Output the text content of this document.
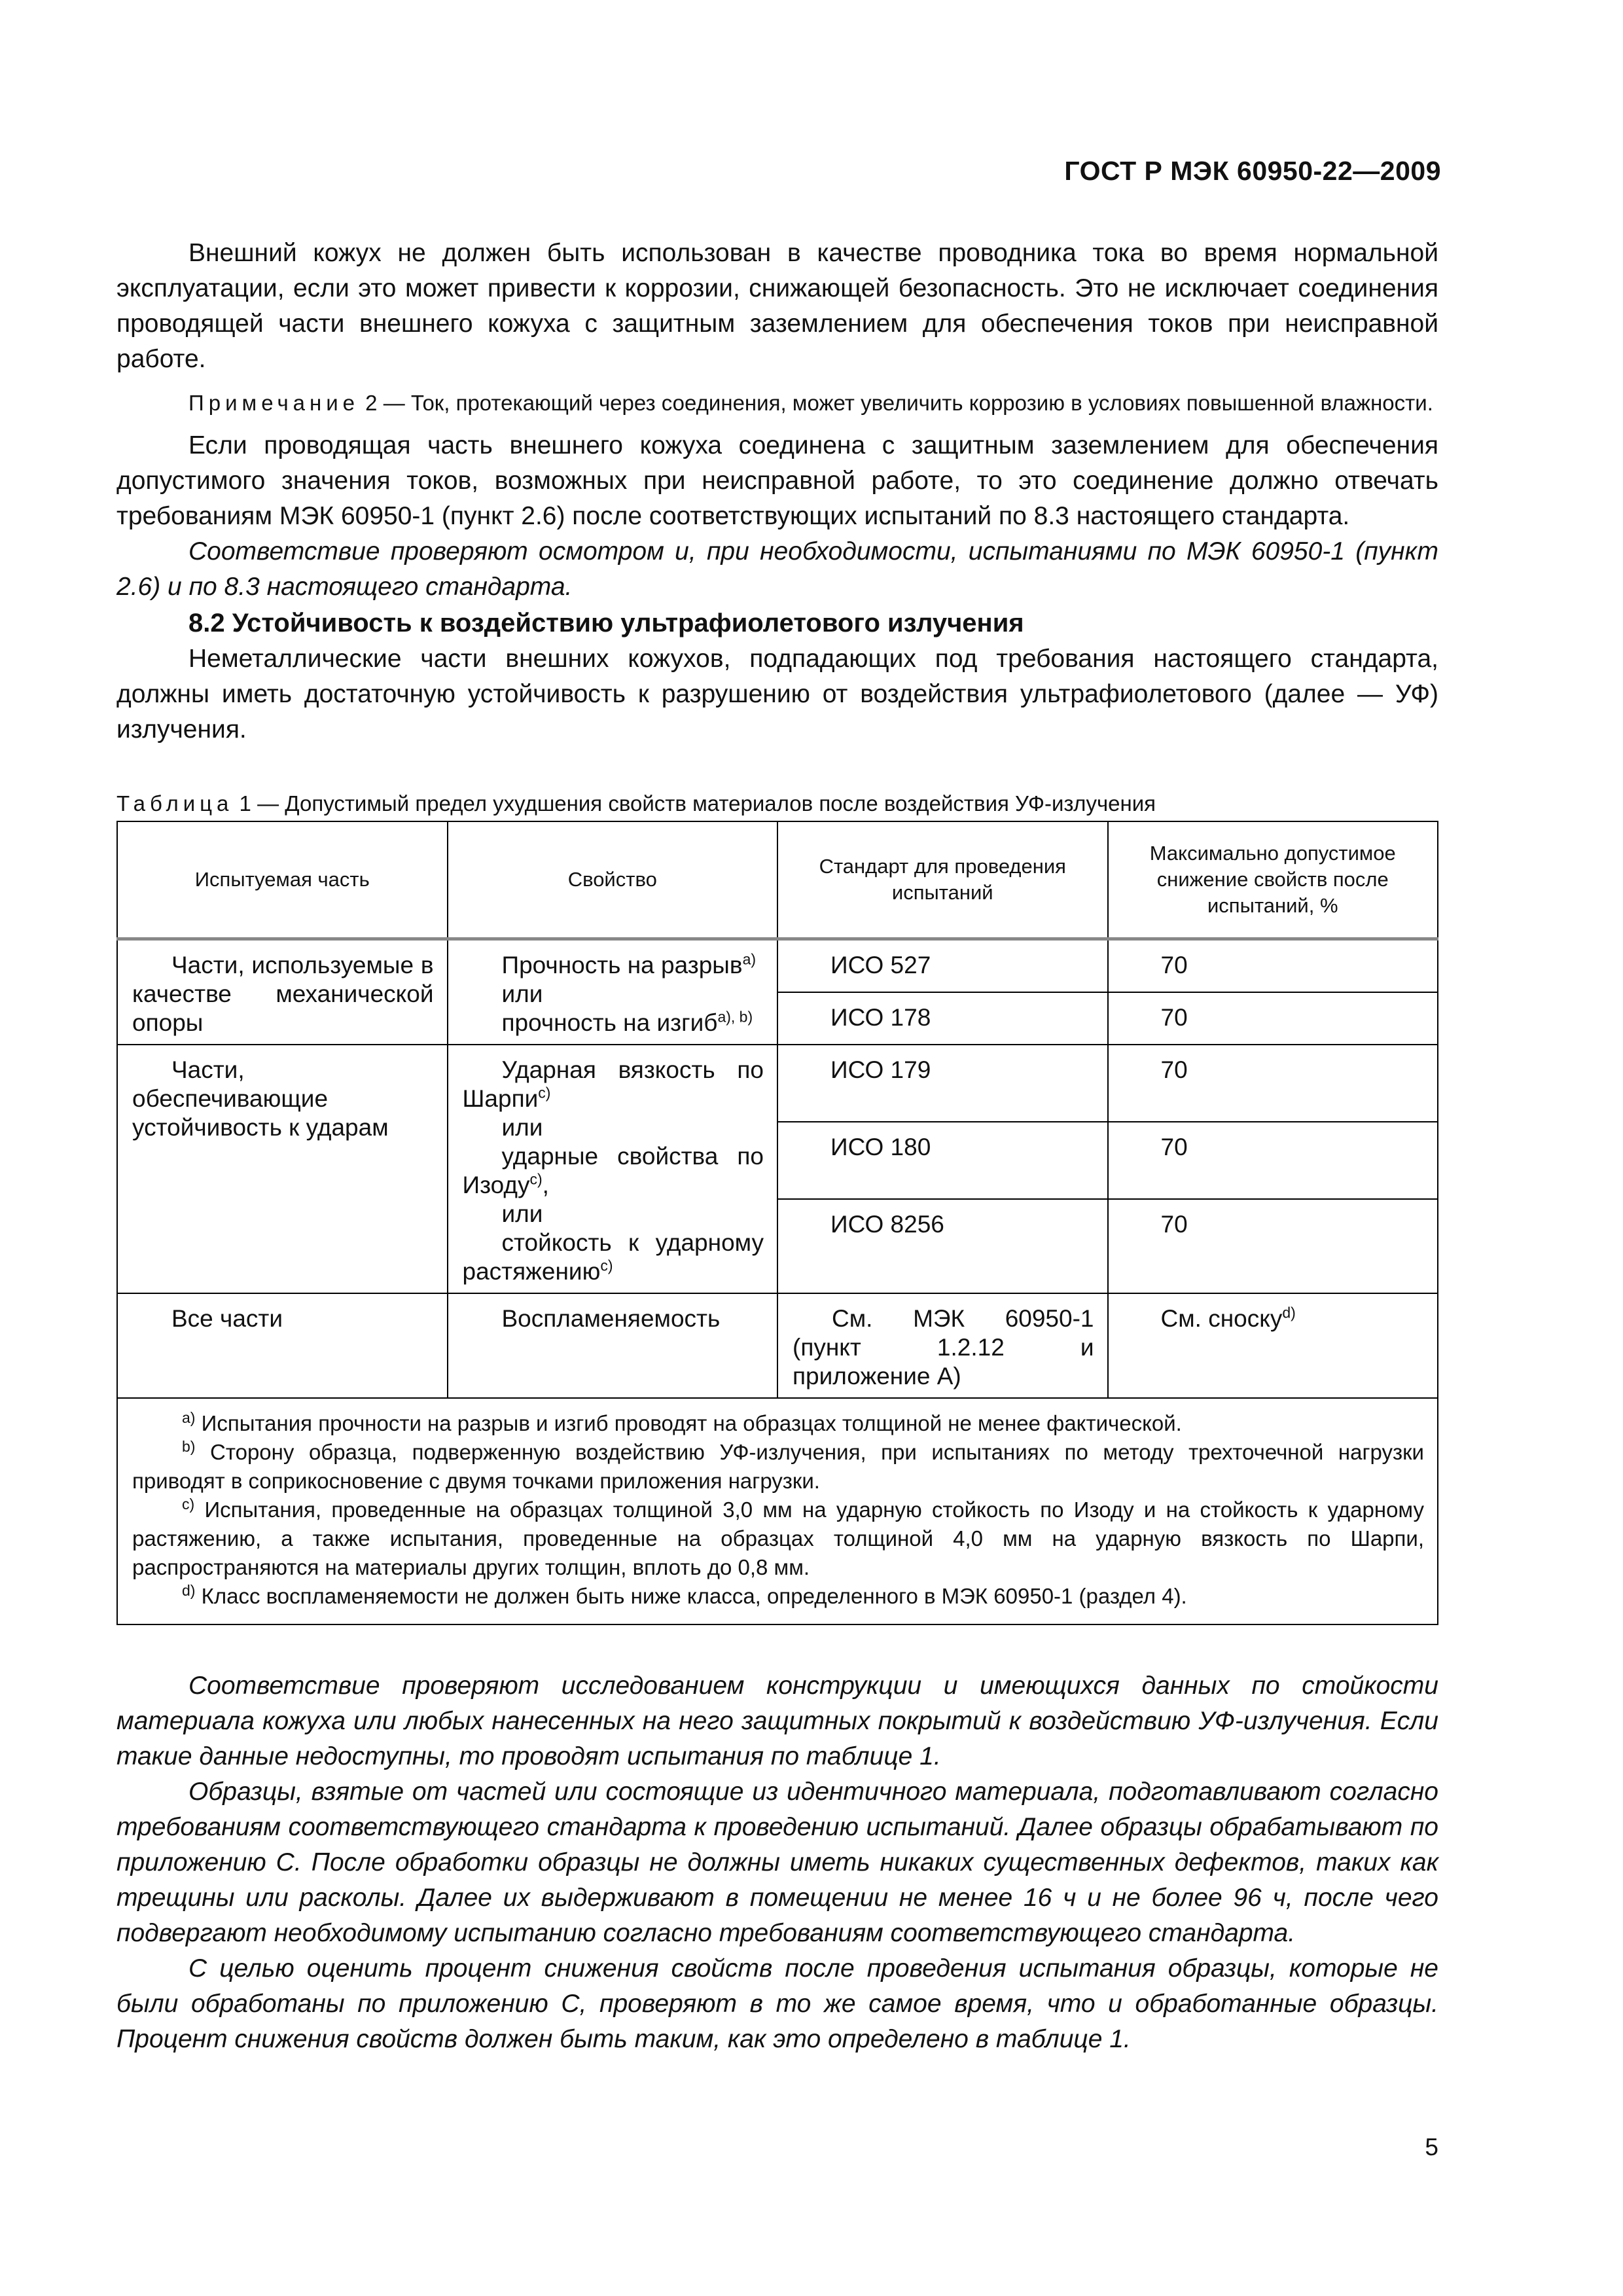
ГОСТ Р МЭК 60950-22—2009

Внешний кожух не должен быть использован в качестве проводника тока во время нормальной эксплуатации, если это может привести к коррозии, снижающей безопасность. Это не исключает соединения проводящей части внешнего кожуха с защитным заземлением для обеспечения токов при неисправной работе.

Примечание 2 — Ток, протекающий через соединения, может увеличить коррозию в условиях повышенной влажности.

Если проводящая часть внешнего кожуха соединена с защитным заземлением для обеспечения допустимого значения токов, возможных при неисправной работе, то это соединение должно отвечать требованиям МЭК 60950-1 (пункт 2.6) после соответствующих испытаний по 8.3 настоящего стандарта.

Соответствие проверяют осмотром и, при необходимости, испытаниями по МЭК 60950-1 (пункт 2.6) и по 8.3 настоящего стандарта.

8.2 Устойчивость к воздействию ультрафиолетового излучения

Неметаллические части внешних кожухов, подпадающих под требования настоящего стандарта, должны иметь достаточную устойчивость к разрушению от воздействия ультрафиолетового (далее — УФ) излучения.

Таблица 1 — Допустимый предел ухудшения свойств материалов после воздействия УФ-излучения
Испытуемая часть	Свойство	Стандарт для проведения испытаний	Максимально допустимое снижение свойств после испытаний, %

Части, используемые в качестве механической опоры	Прочность на разрыв$^{а)}$
или
прочность на изгиб$^{а), b)}$	ИСО 527	70
		ИСО 178	70

Части, обеспечивающие устойчивость к ударам	Ударная вязкость по Шарпи$^{с)}$
или
ударные свойства по Изоду$^{с)}$,
или
стойкость к ударному растяжению$^{с)}$	ИСО 179	70
		ИСО 180	70
		ИСО 8256	70

Все части	Воспламеняемость	См. МЭК 60950-1 (пункт 1.2.12 и приложение А)	См. сноску$^{d)}$

$^{а)}$ Испытания прочности на разрыв и изгиб проводят на образцах толщиной не менее фактической.
$^{b)}$ Сторону образца, подверженную воздействию УФ-излучения, при испытаниях по методу трехточечной нагрузки приводят в соприкосновение с двумя точками приложения нагрузки.
$^{с)}$ Испытания, проведенные на образцах толщиной 3,0 мм на ударную стойкость по Изоду и на стойкость к ударному растяжению, а также испытания, проведенные на образцах толщиной 4,0 мм на ударную вязкость по Шарпи, распространяются на материалы других толщин, вплоть до 0,8 мм.
$^{d)}$ Класс воспламеняемости не должен быть ниже класса, определенного в МЭК 60950-1 (раздел 4).			

Соответствие проверяют исследованием конструкции и имеющихся данных по стойкости материала кожуха или любых нанесенных на него защитных покрытий к воздействию УФ-излучения. Если такие данные недоступны, то проводят испытания по таблице 1.

Образцы, взятые от частей или состоящие из идентичного материала, подготавливают согласно требованиям соответствующего стандарта к проведению испытаний. Далее образцы обрабатывают по приложению С. После обработки образцы не должны иметь никаких существенных дефектов, таких как трещины или расколы. Далее их выдерживают в помещении не менее 16 ч и не более 96 ч, после чего подвергают необходимому испытанию согласно требованиям соответствующего стандарта.

С целью оценить процент снижения свойств после проведения испытания образцы, которые не были обработаны по приложению С, проверяют в то же самое время, что и обработанные образцы. Процент снижения свойств должен быть таким, как это определено в таблице 1.

5
